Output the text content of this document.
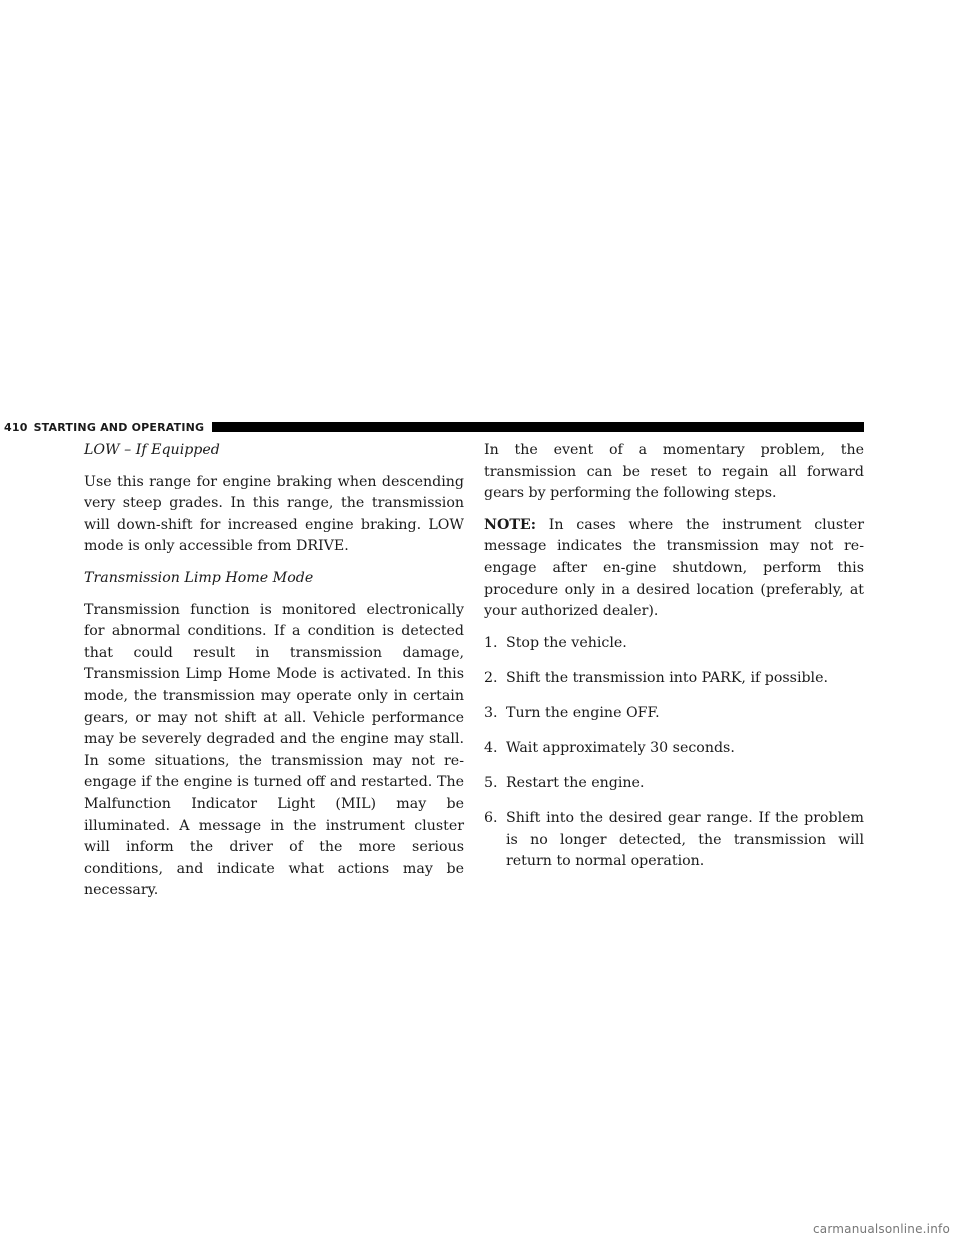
410 STARTING AND OPERATING

LOW – If Equipped

Use this range for engine braking when descending very steep grades. In this range, the transmission will down-shift for increased engine braking. LOW mode is only accessible from DRIVE.

Transmission Limp Home Mode

Transmission function is monitored electronically for abnormal conditions. If a condition is detected that could result in transmission damage, Transmission Limp Home Mode is activated. In this mode, the transmission may operate only in certain gears, or may not shift at all. Vehicle performance may be severely degraded and the engine may stall. In some situations, the transmission may not re-engage if the engine is turned off and restarted. The Malfunction Indicator Light (MIL) may be illuminated. A message in the instrument cluster will inform the driver of the more serious conditions, and indicate what actions may be necessary.

In the event of a momentary problem, the transmission can be reset to regain all forward gears by performing the following steps.

NOTE: In cases where the instrument cluster message indicates the transmission may not re-engage after en-gine shutdown, perform this procedure only in a desired location (preferably, at your authorized dealer).

1. Stop the vehicle.
2. Shift the transmission into PARK, if possible.
3. Turn the engine OFF.
4. Wait approximately 30 seconds.
5. Restart the engine.
6. Shift into the desired gear range. If the problem is no longer detected, the transmission will return to normal operation.
carmanualsonline.info
